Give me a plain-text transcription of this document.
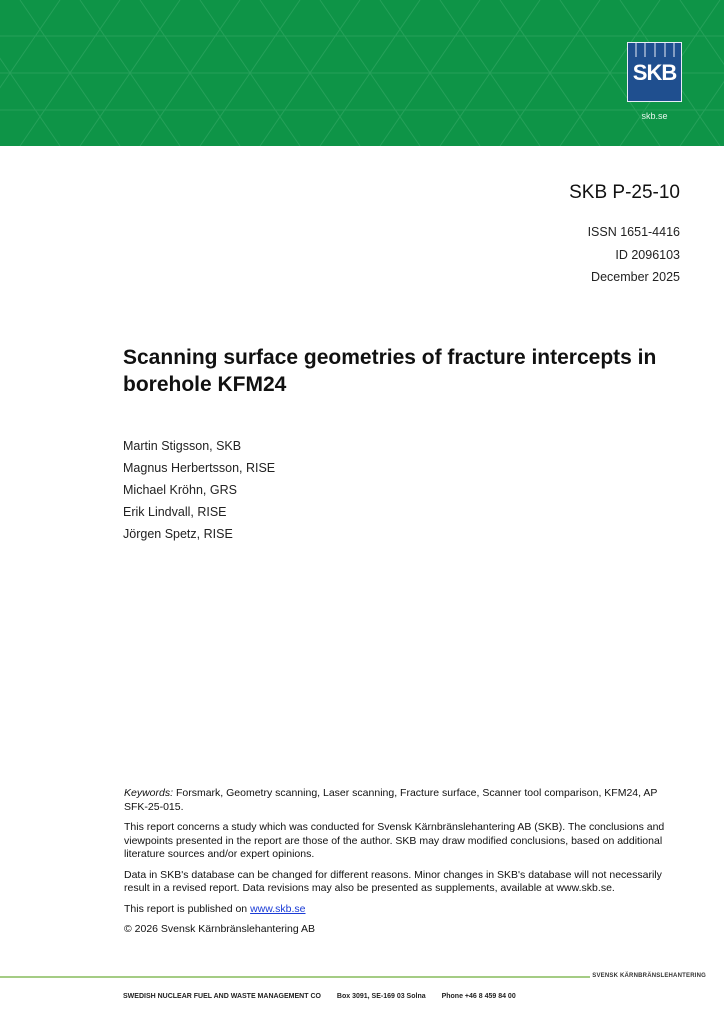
SKB
skb.se
SKB P-25-10
ISSN 1651-4416
ID 2096103
December 2025
Scanning surface geometries of fracture intercepts in borehole KFM24
Martin Stigsson, SKB
Magnus Herbertsson, RISE
Michael Kröhn, GRS
Erik Lindvall, RISE
Jörgen Spetz, RISE

Keywords: Forsmark, Geometry scanning, Laser scanning, Fracture surface, Scanner tool comparison, KFM24, AP SFK-25-015.

This report concerns a study which was conducted for Svensk Kärnbränslehantering AB (SKB). The conclusions and viewpoints presented in the report are those of the author. SKB may draw modified conclusions, based on additional literature sources and/or expert opinions.

Data in SKB's database can be changed for different reasons. Minor changes in SKB's database will not necessarily result in a revised report. Data revisions may also be presented as supplements, available at www.skb.se.

This report is published on www.skb.se

© 2026 Svensk Kärnbränslehantering AB

SVENSK KÄRNBRÄNSLEHANTERING
SWEDISH NUCLEAR FUEL AND WASTE MANAGEMENT CO Box 3091, SE-169 03 Solna Phone +46 8 459 84 00
